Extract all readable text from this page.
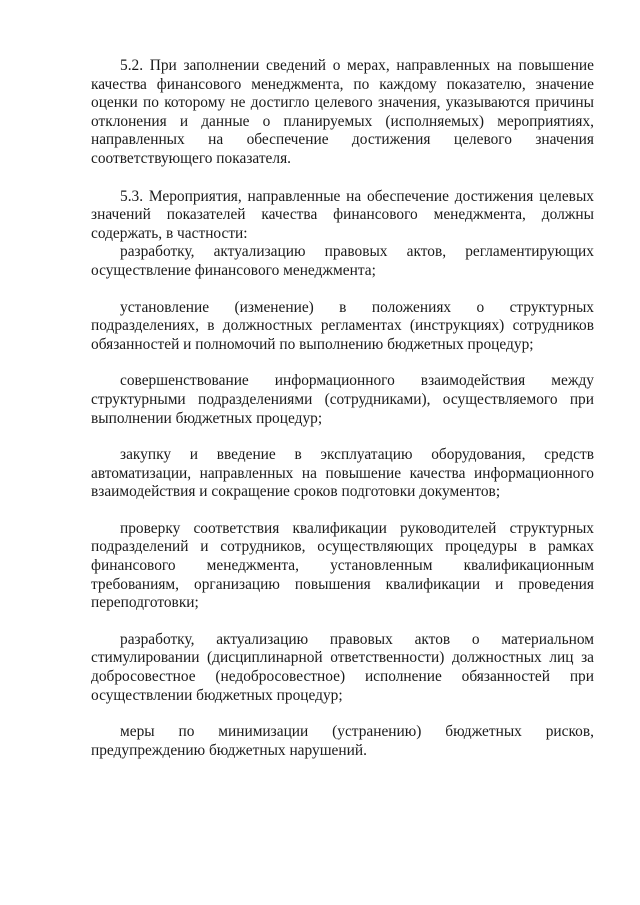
5.2. При заполнении сведений о мерах, направленных на повышение качества финансового менеджмента, по каждому показателю, значение оценки по которому не достигло целевого значения, указываются причины отклонения и данные о планируемых (исполняемых) мероприятиях, направленных на обеспечение достижения целевого значения соответствующего показателя.

5.3. Мероприятия, направленные на обеспечение достижения целевых значений показателей качества финансового менеджмента, должны содержать, в частности:

разработку, актуализацию правовых актов, регламентирующих осуществление финансового менеджмента;

установление (изменение) в положениях о структурных подразделениях, в должностных регламентах (инструкциях) сотрудников обязанностей и полномочий по выполнению бюджетных процедур;

совершенствование информационного взаимодействия между структурными подразделениями (сотрудниками), осуществляемого при выполнении бюджетных процедур;

закупку и введение в эксплуатацию оборудования, средств автоматизации, направленных на повышение качества информационного взаимодействия и сокращение сроков подготовки документов;

проверку соответствия квалификации руководителей структурных подразделений и сотрудников, осуществляющих процедуры в рамках финансового менеджмента, установленным квалификационным требованиям, организацию повышения квалификации и проведения переподготовки;

разработку, актуализацию правовых актов о материальном стимулировании (дисциплинарной ответственности) должностных лиц за добросовестное (недобросовестное) исполнение обязанностей при осуществлении бюджетных процедур;

меры по минимизации (устранению) бюджетных рисков, предупреждению бюджетных нарушений.
